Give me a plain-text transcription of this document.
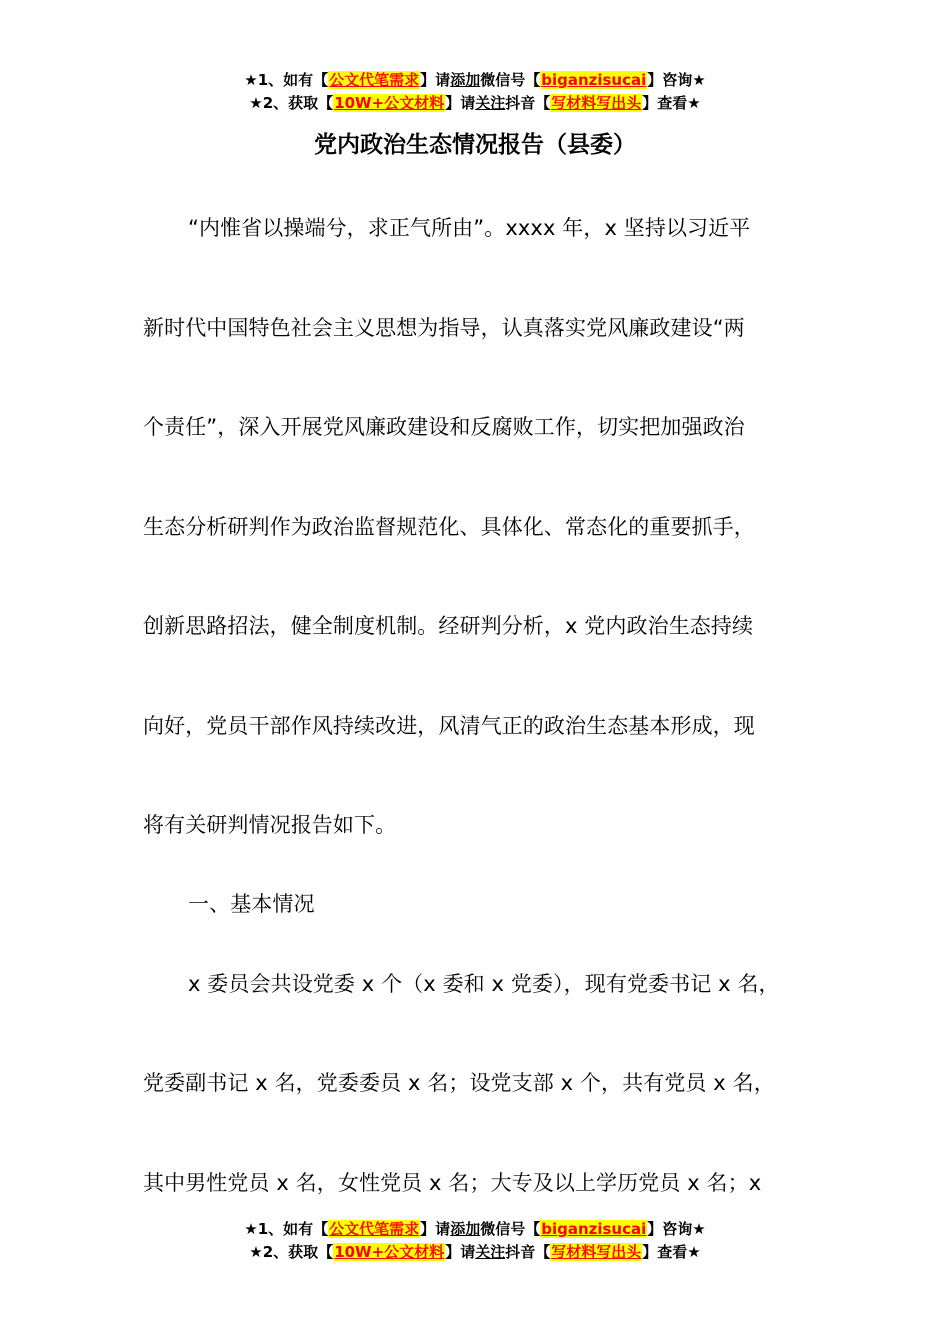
★1、如有【公文代笔需求】请添加微信号【biganzisucai】咨询★
★2、获取【10W+公文材料】请关注抖音【写材料写出头】查看★
党内政治生态情况报告（县委）
“内惟省以操端兮，求正气所由”。xxxx 年，x 坚持以习近平
新时代中国特色社会主义思想为指导，认真落实党风廉政建设“两
个责任”，深入开展党风廉政建设和反腐败工作，切实把加强政治
生态分析研判作为政治监督规范化、具体化、常态化的重要抓手，
创新思路招法，健全制度机制。经研判分析，x 党内政治生态持续
向好，党员干部作风持续改进，风清气正的政治生态基本形成，现
将有关研判情况报告如下。
一、基本情况
x 委员会共设党委 x 个（x 委和 x 党委），现有党委书记 x 名，
党委副书记 x 名，党委委员 x 名；设党支部 x 个，共有党员 x 名，
其中男性党员 x 名，女性党员 x 名；大专及以上学历党员 x 名；x
★1、如有【公文代笔需求】请添加微信号【biganzisucai】咨询★
★2、获取【10W+公文材料】请关注抖音【写材料写出头】查看★
